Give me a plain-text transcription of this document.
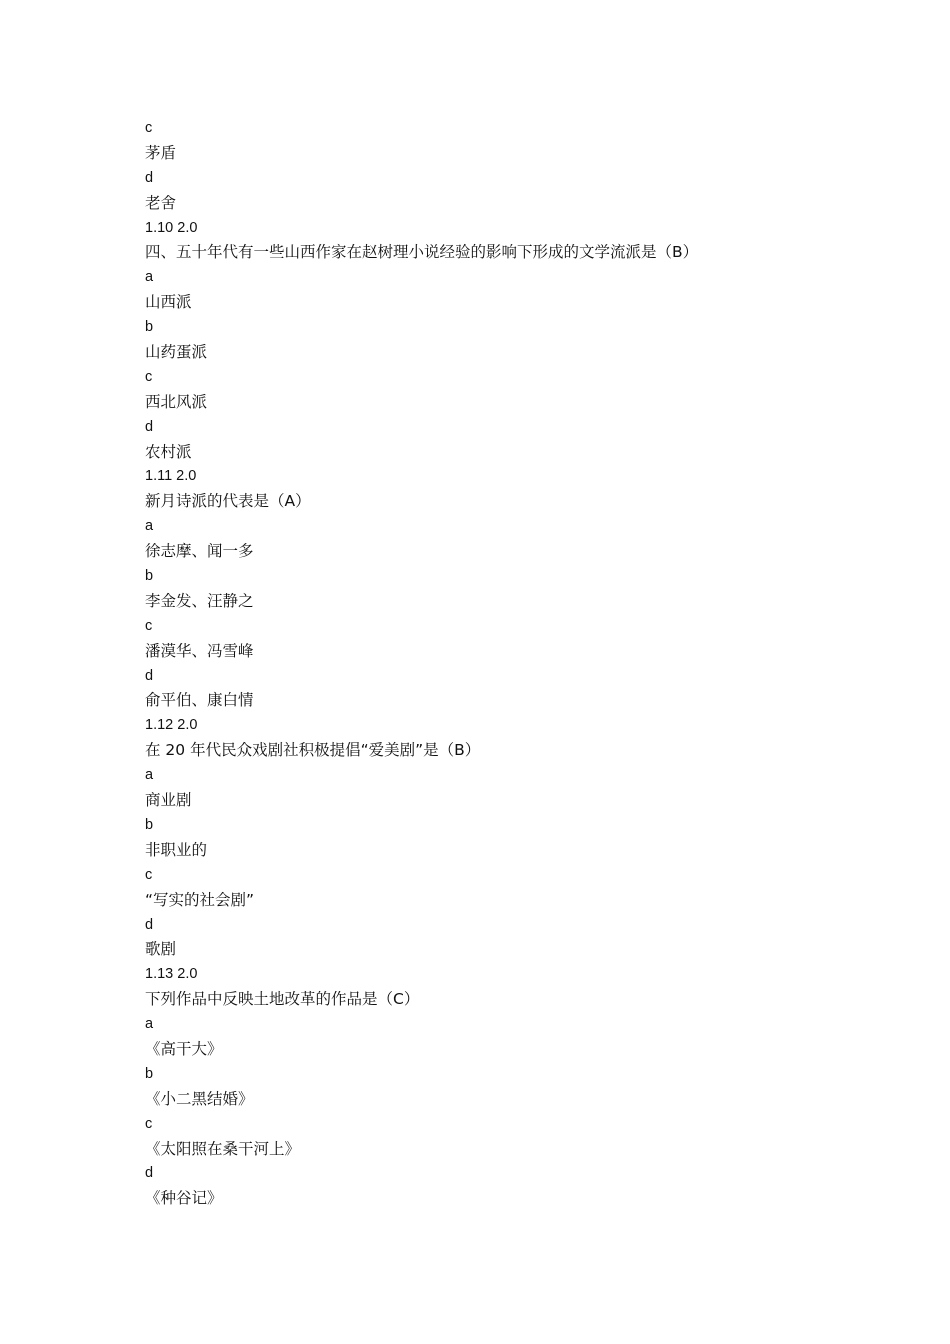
c
茅盾
d
老舍
1.10 2.0
四、五十年代有一些山西作家在赵树理小说经验的影响下形成的文学流派是（B）
a
山西派
b
山药蛋派
c
西北风派
d
农村派
1.11 2.0
新月诗派的代表是（A）
a
徐志摩、闻一多
b
李金发、汪静之
c
潘漠华、冯雪峰
d
俞平伯、康白情
1.12 2.0
在 20 年代民众戏剧社积极提倡“爱美剧”是（B）
a
商业剧
b
非职业的
c
“写实的社会剧”
d
歌剧
1.13 2.0
下列作品中反映土地改革的作品是（C）
a
《高干大》
b
《小二黑结婚》
c
《太阳照在桑干河上》
d
《种谷记》
